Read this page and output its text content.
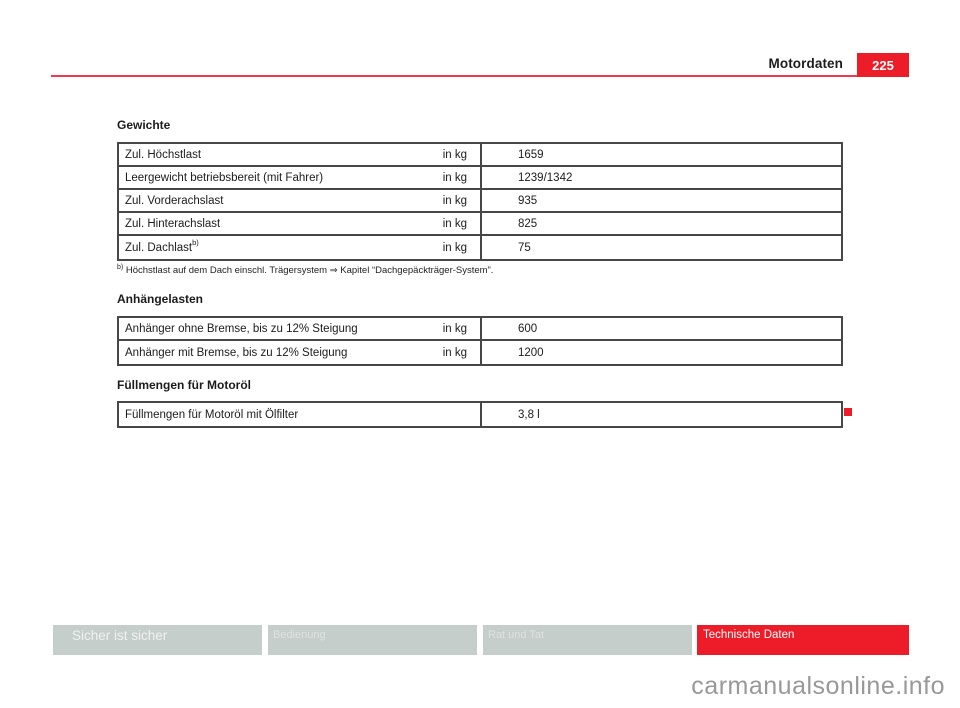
Motordaten 225
Gewichte
Zul. Höchstlast	in kg	1659
Leergewicht betriebsbereit (mit Fahrer)	in kg	1239/1342
Zul. Vorderachslast	in kg	935
Zul. Hinterachslast	in kg	825
Zul. Dachlast$^{b)}$	in kg	75
$^{b)}$ Höchstlast auf dem Dach einschl. Trägersystem ⇒ Kapitel “Dachgepäckträger-System”.
Anhängelasten
Anhänger ohne Bremse, bis zu 12% Steigung	in kg	600
Anhänger mit Bremse, bis zu 12% Steigung	in kg	1200
Füllmengen für Motoröl
Füllmengen für Motoröl mit Ölfilter	3,8 l
Sicher ist sicher	Bedienung	Rat und Tat	Technische Daten
carmanualsonline.info
